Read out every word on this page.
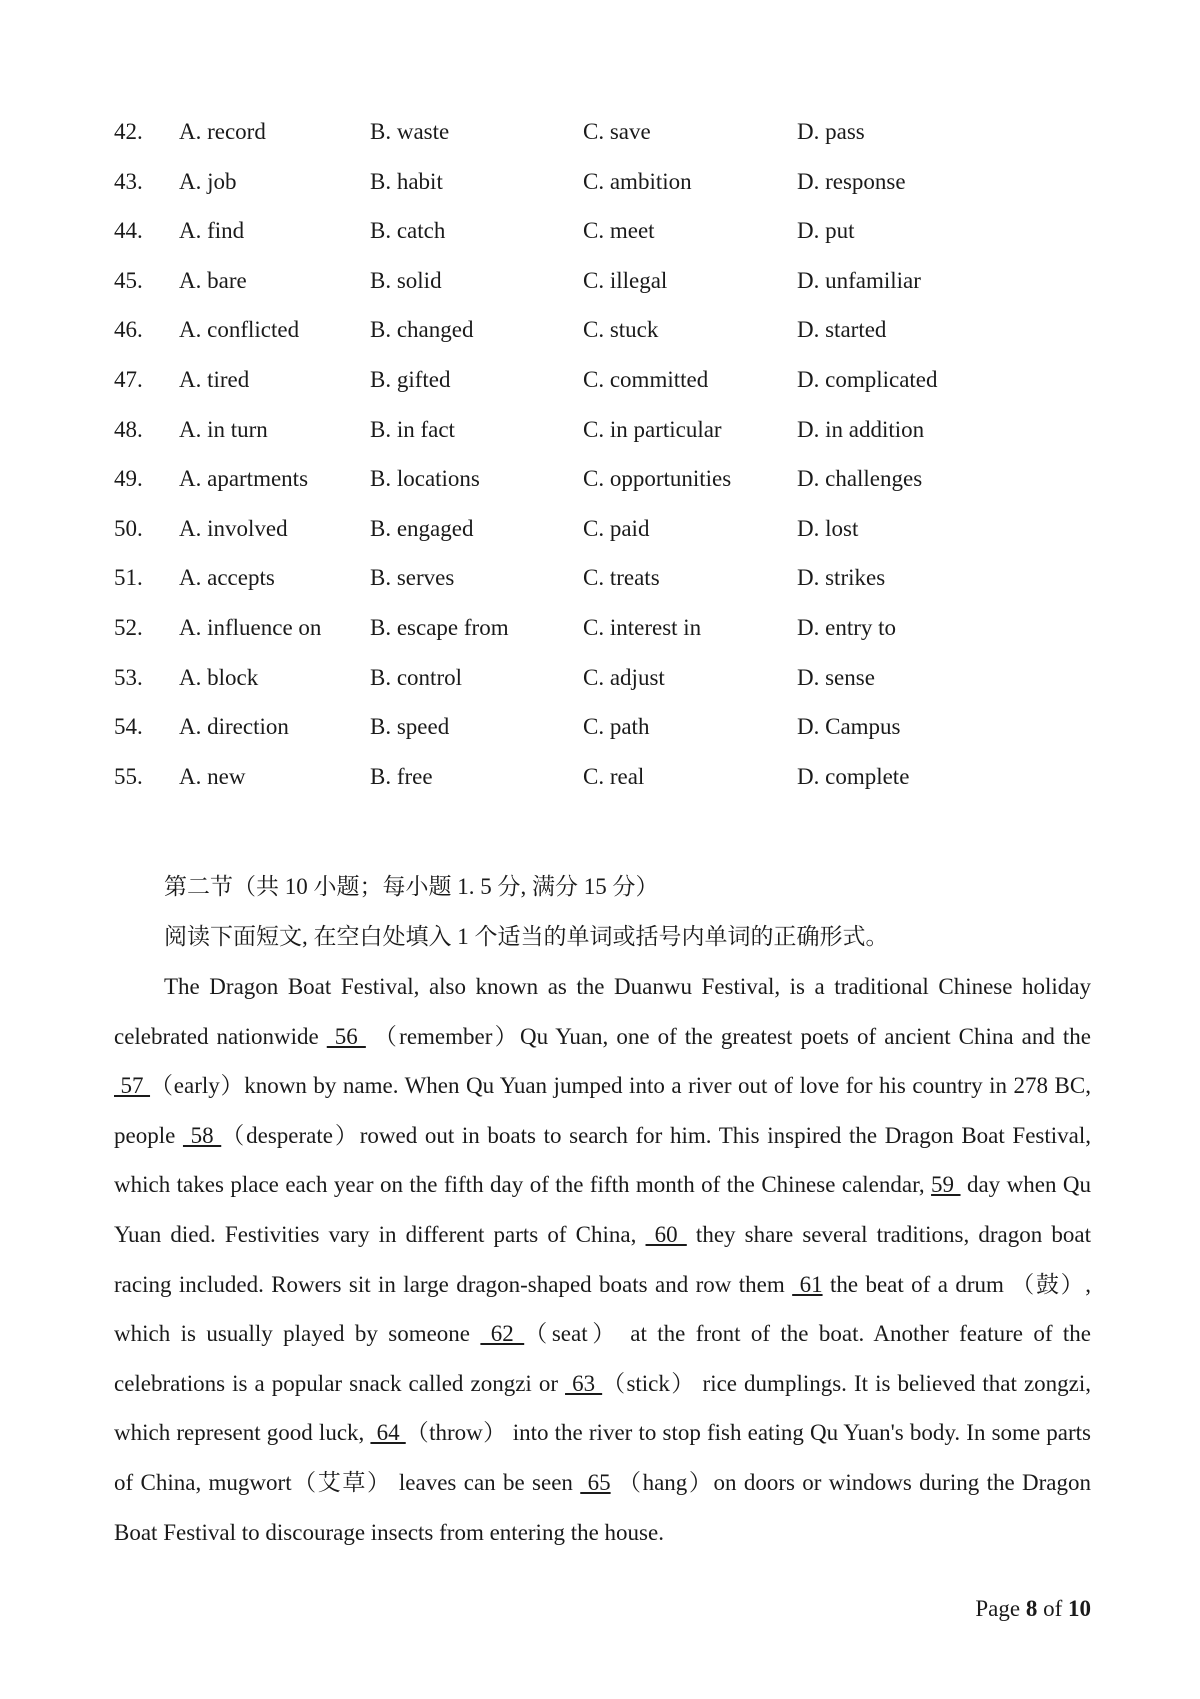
42. A. record	B. waste	C. save	D. pass
43. A. job	B. habit	C. ambition	D. response
44. A. find	B. catch	C. meet	D. put
45. A. bare	B. solid	C. illegal	D. unfamiliar
46. A. conflicted	B. changed	C. stuck	D. started
47. A. tired	B. gifted	C. committed	D. complicated
48. A. in turn	B. in fact	C. in particular	D. in addition
49. A. apartments	B. locations	C. opportunities	D. challenges
50. A. involved	B. engaged	C. paid	D. lost
51. A. accepts	B. serves	C. treats	D. strikes
52. A. influence on B. escape from	C. interest in	D. entry to
53. A. block	B. control	C. adjust	D. sense
54. A. direction	B. speed	C. path	D. Campus
55. A. new	B. free	C. real	D. complete
第二节（共 10 小题；每小题 1. 5 分, 满分 15 分）
阅读下面短文, 在空白处填入 1 个适当的单词或括号内单词的正确形式。
The Dragon Boat Festival, also known as the Duanwu Festival, is a traditional Chinese holiday celebrated nationwide  56  （remember）Qu Yuan, one of the greatest poets of ancient China and the  57 （early）known by name. When Qu Yuan jumped into a river out of love for his country in 278 BC, people  58 （desperate）rowed out in boats to search for him. This inspired the Dragon Boat Festival, which takes place each year on the fifth day of the fifth month of the Chinese calendar, 59  day when Qu Yuan died. Festivities vary in different parts of China,  60  they share several traditions, dragon boat racing included. Rowers sit in large dragon-shaped boats and row them  61 the beat of a drum （鼓）, which is usually played by someone  62 （seat） at the front of the boat. Another feature of the celebrations is a popular snack called zongzi or  63 （stick） rice dumplings. It is believed that zongzi, which represent good luck,  64 （throw） into the river to stop fish eating Qu Yuan's body. In some parts of China, mugwort（艾草） leaves can be seen  65 （hang）on doors or windows during the Dragon Boat Festival to discourage insects from entering the house.
Page 8 of 10
